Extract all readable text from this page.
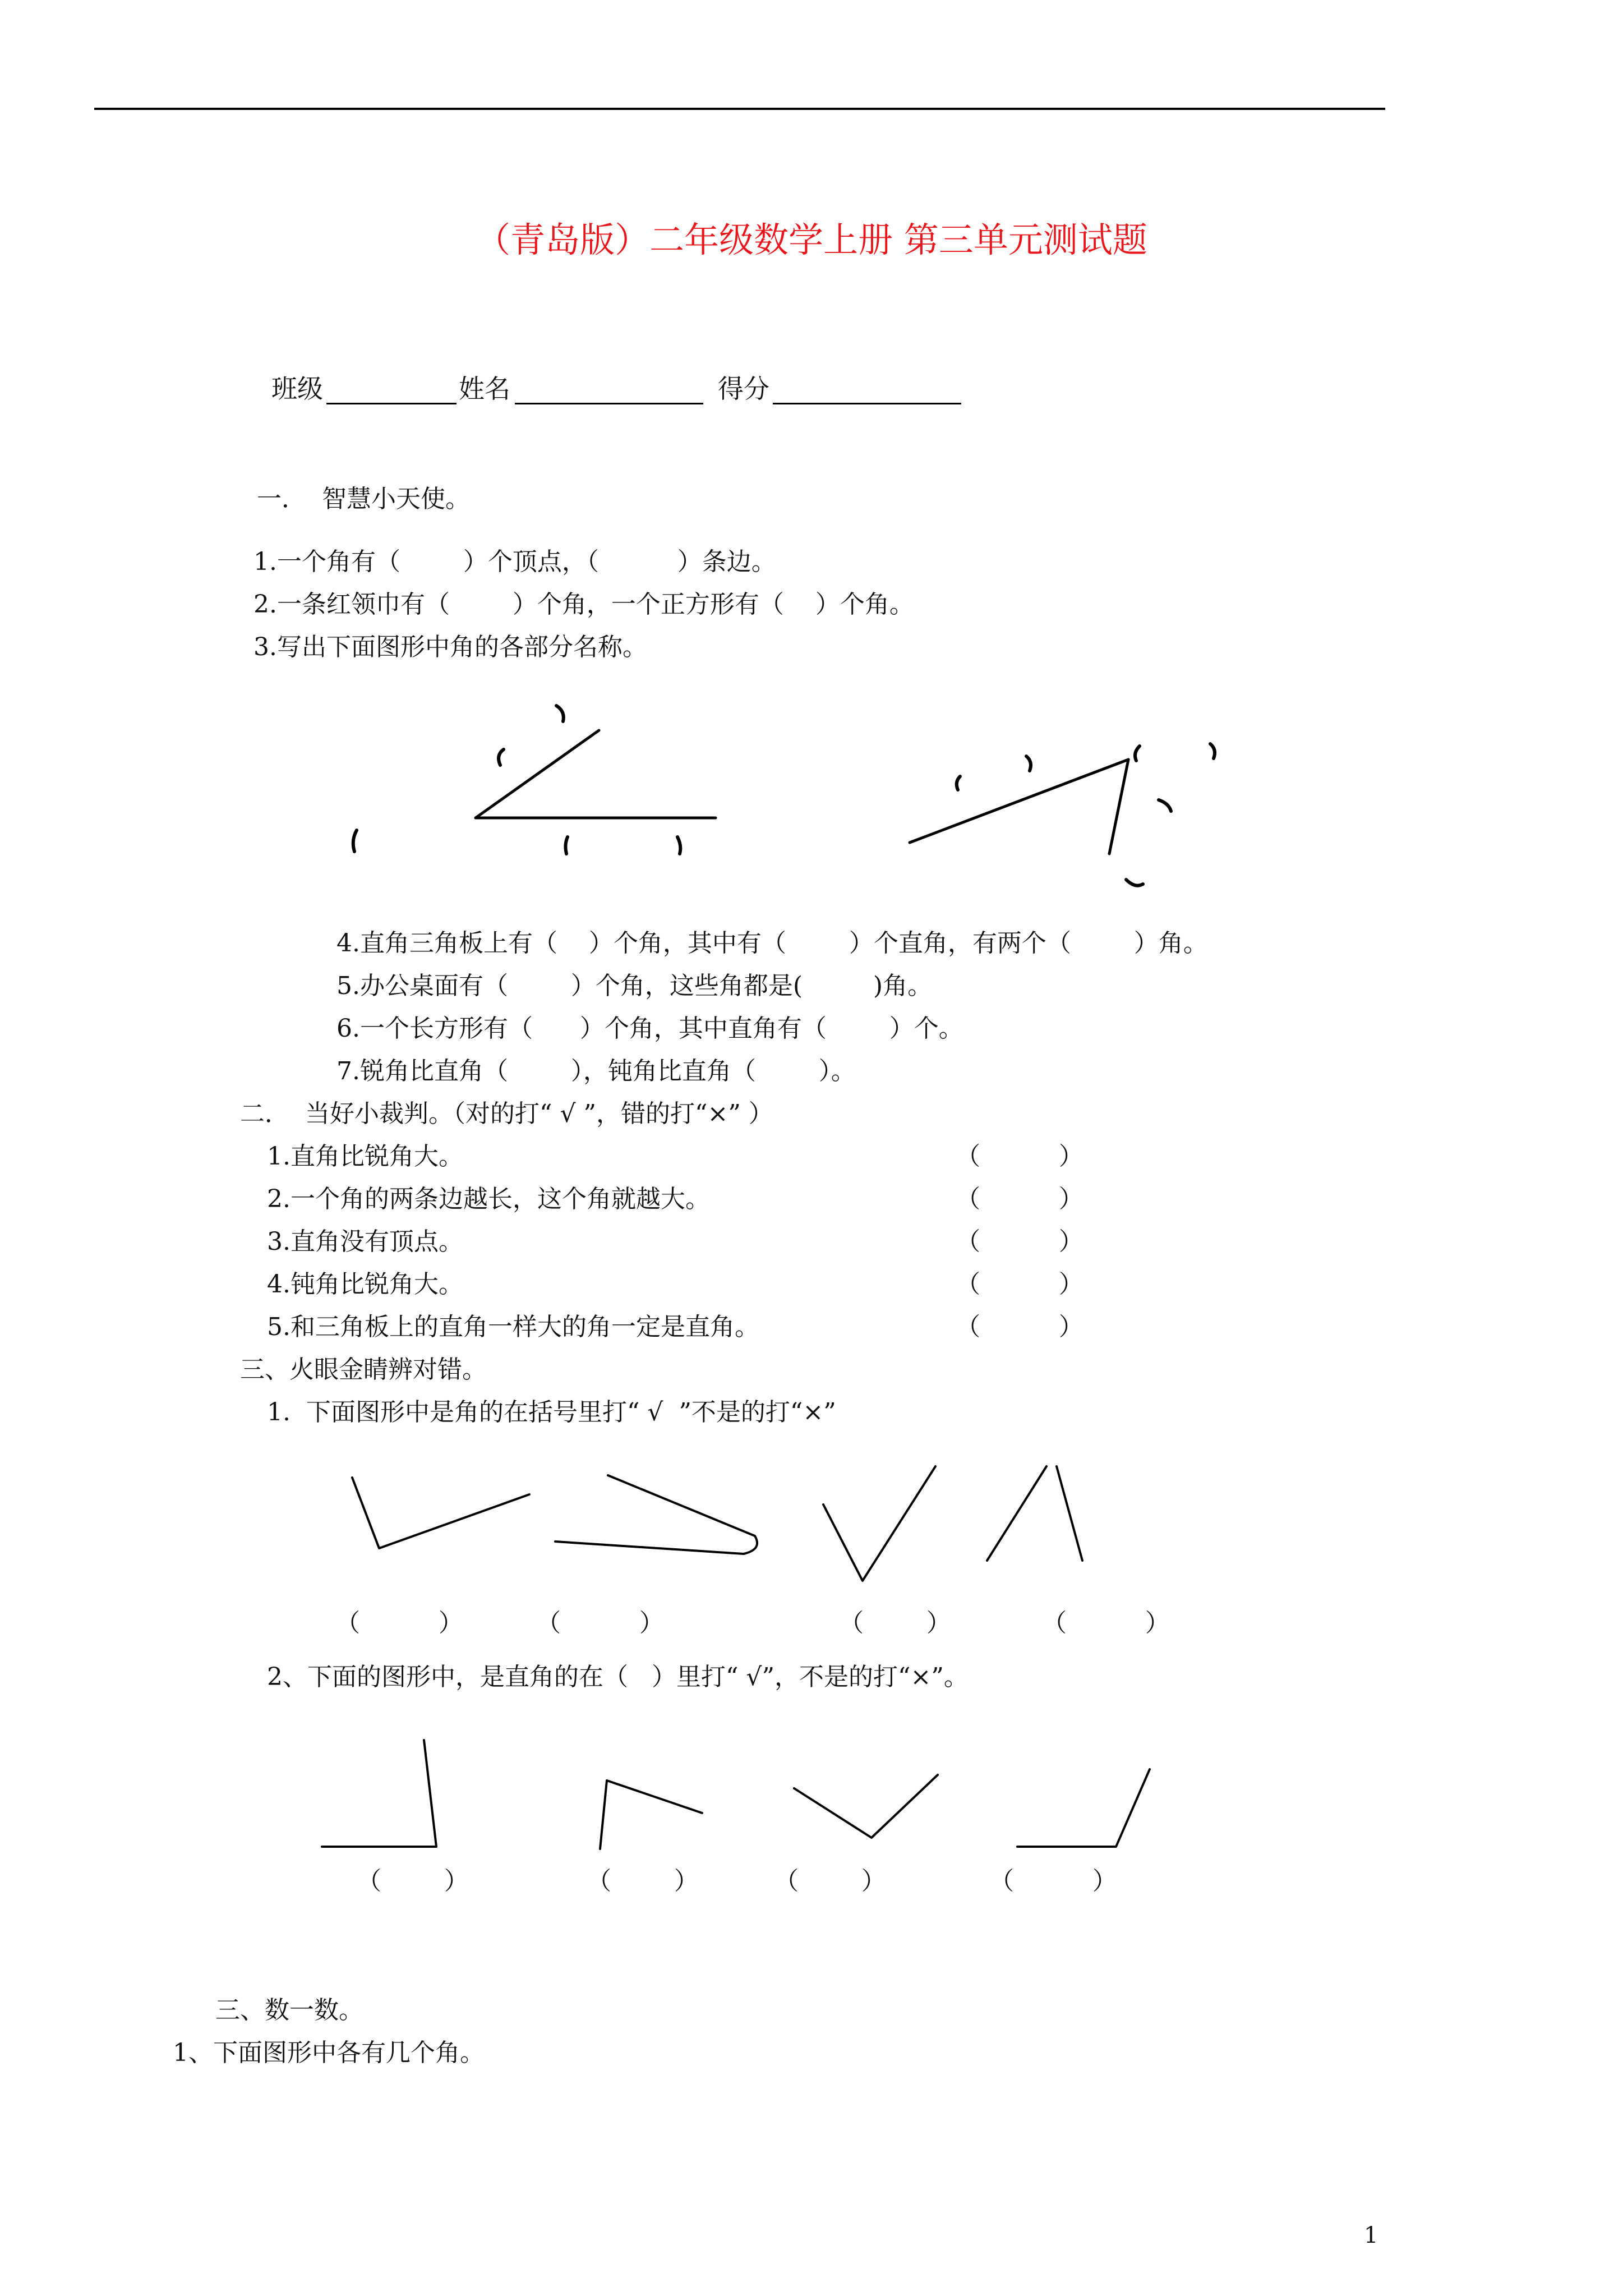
（青岛版）二年级数学上册 第三单元测试题
班级	姓名	得分
一．  智慧小天使。
1.一个角有（        ）个顶点，（          ）条边。
2.一条红领巾有（        ）个角，一个正方形有（    ）个角。
3.写出下面图形中角的各部分名称。
4.直角三角板上有（    ）个角，其中有（        ）个直角，有两个（        ）角。
5.办公桌面有（        ）个角，这些角都是(         )角。
6.一个长方形有（      ）个角，其中直角有（        ）个。
7.锐角比直角（        ），钝角比直角（        ）。
二．  当好小裁判。（对的打“ √ ”，错的打“×” ）
1.直角比锐角大。	（          ）
2.一个角的两条边越长，这个角就越大。	（          ）
3.直角没有顶点。	（          ）
4.钝角比锐角大。	（          ）
5.和三角板上的直角一样大的角一定是直角。	（          ）
三、火眼金睛辨对错。
1.  下面图形中是角的在括号里打“ √  ”不是的打“×”
（          ）	（          ）	（        ）	（          ）
2、下面的图形中，是直角的在（   ）里打“ √”，不是的打“×”。
（        ）	（        ）	（        ）	（          ）
三、数一数。
1、下面图形中各有几个角。
1
